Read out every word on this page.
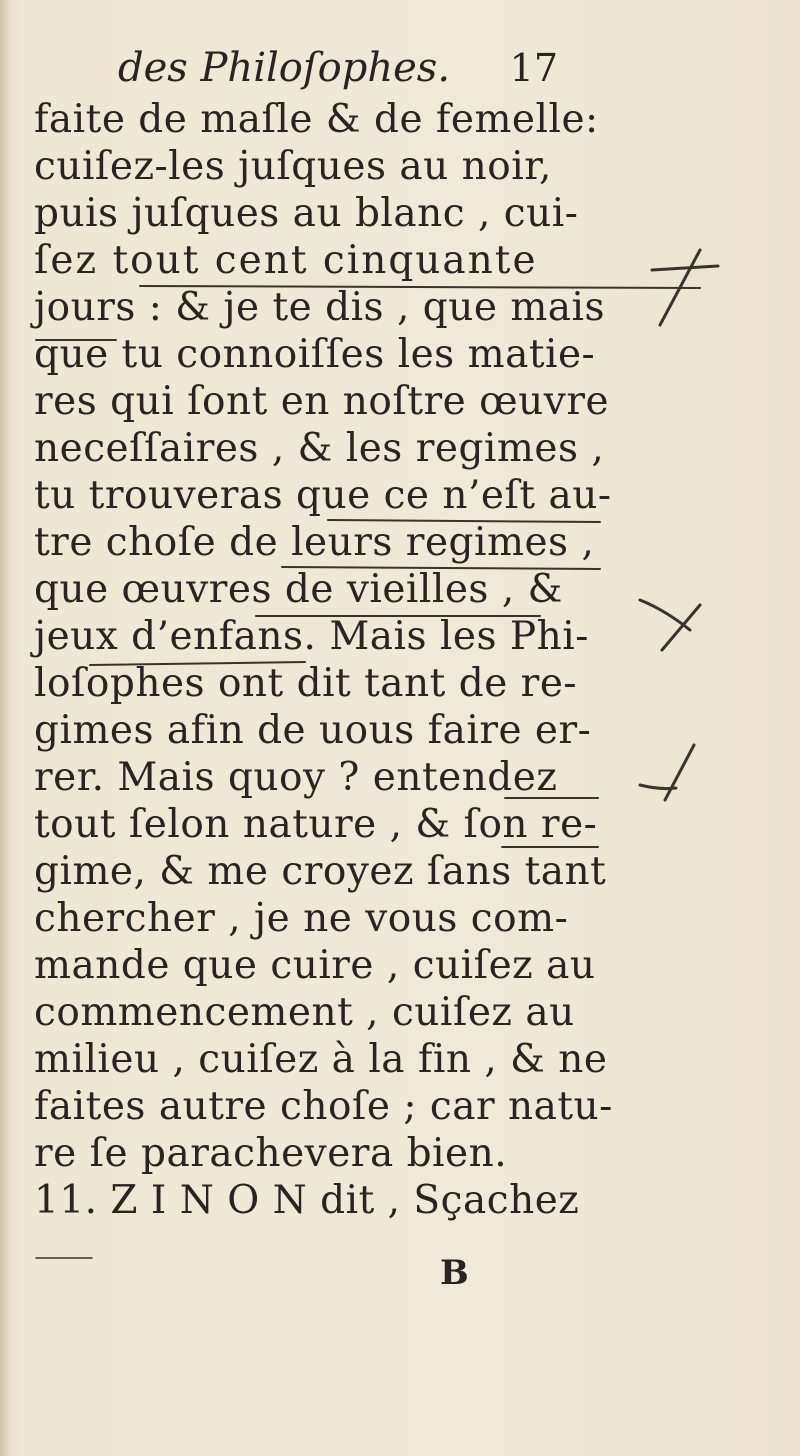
des Philoſophes. 17
faite de maſle & de femelle:
cuiſez-les juſques au noir,
puis juſques au blanc , cui-
ſez tout cent cinquante
jours : & je te dis , que mais
que tu connoiſſes les matie-
res qui ſont en noſtre œuvre
neceſſaires , & les regimes ,
tu trouveras que ce n’eſt au-
tre choſe de leurs regimes ,
que œuvres de vieilles , &
jeux d’enfans. Mais les Phi-
loſophes ont dit tant de re-
gimes afin de uous faire er-
rer. Mais quoy ? entendez
tout ſelon nature , & ſon re-
gime, & me croyez ſans tant
chercher , je ne vous com-
mande que cuire , cuiſez au
commencement , cuiſez au
milieu , cuiſez à la fin , & ne
faites autre choſe ; car natu-
re ſe parachevera bien.
11. Z I N O N dit , Sçachez
B
